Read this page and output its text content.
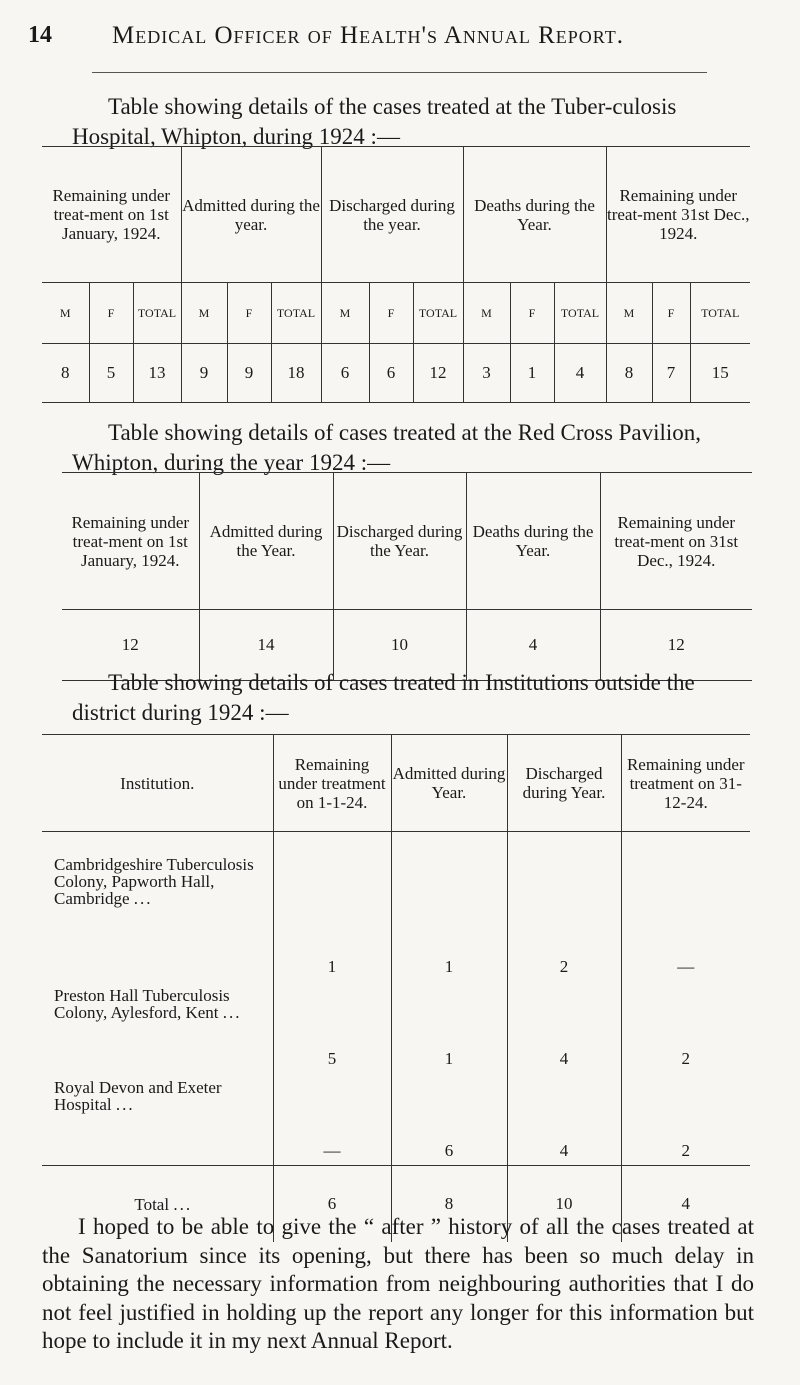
14 Medical Officer of Health's Annual Report.
Table showing details of the cases treated at the Tuber-culosis Hospital, Whipton, during 1924 :—
Remaining under treat-ment on 1st January, 1924.			Admitted during the year.			Discharged during the year.			Deaths during the Year.			Remaining under treat-ment 31st Dec., 1924.		
M	F	TOTAL	M	F	TOTAL	M	F	TOTAL	M	F	TOTAL	M	F	TOTAL
8	5	13	9	9	18	6	6	12	3	1	4	8	7	15
Table showing details of cases treated at the Red Cross Pavilion, Whipton, during the year 1924 :—
Remaining under treat-ment on 1st January, 1924.	Admitted during the Year.	Discharged during the Year.	Deaths during the Year.	Remaining under treat-ment on 31st Dec., 1924.
12	14	10	4	12
Table showing details of cases treated in Institutions outside the district during 1924 :—
Institution.	Remaining under treatment on 1-1-24.	Admitted during Year.	Discharged during Year.	Remaining under treatment on 31-12-24.
Cambridgeshire Tuberculosis Colony, Papworth Hall, Cambridge ...	1	1	2	—
Preston Hall Tuberculosis Colony, Aylesford, Kent ...	5	1	4	2
Royal Devon and Exeter Hospital ...	—	6	4	2
Total ...	6	8	10	4
I hoped to be able to give the “ after ” history of all the cases treated at the Sanatorium since its opening, but there has been so much delay in obtaining the necessary information from neighbouring authorities that I do not feel justified in holding up the report any longer for this information but hope to include it in my next Annual Report.
